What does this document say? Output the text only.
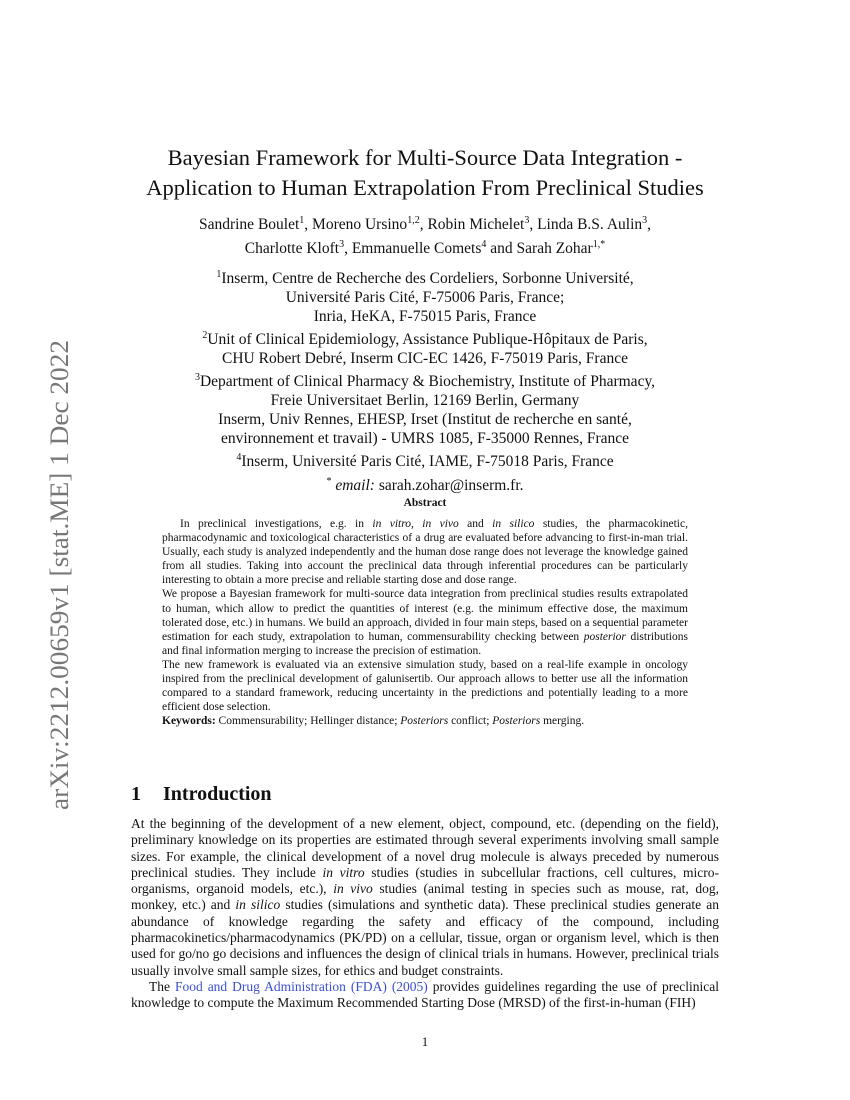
arXiv:2212.00659v1 [stat.ME] 1 Dec 2022
Bayesian Framework for Multi-Source Data Integration -
Application to Human Extrapolation From Preclinical Studies
Sandrine Boulet$^1$, Moreno Ursino$^{1,2}$, Robin Michelet$^3$, Linda B.S. Aulin$^3$,
Charlotte Kloft$^3$, Emmanuelle Comets$^4$ and Sarah Zohar$^{1,*}$
$^1$Inserm, Centre de Recherche des Cordeliers, Sorbonne Université,
Université Paris Cité, F-75006 Paris, France;
Inria, HeKA, F-75015 Paris, France
$^2$Unit of Clinical Epidemiology, Assistance Publique-Hôpitaux de Paris,
CHU Robert Debré, Inserm CIC-EC 1426, F-75019 Paris, France
$^3$Department of Clinical Pharmacy & Biochemistry, Institute of Pharmacy,
Freie Universitaet Berlin, 12169 Berlin, Germany
Inserm, Univ Rennes, EHESP, Irset (Institut de recherche en santé,
environnement et travail) - UMRS 1085, F-35000 Rennes, France
$^4$Inserm, Université Paris Cité, IAME, F-75018 Paris, France
* email: sarah.zohar@inserm.fr.
Abstract

In preclinical investigations, e.g. in in vitro, in vivo and in silico studies, the pharmacokinetic, pharmacodynamic and toxicological characteristics of a drug are evaluated before advancing to first-in-man trial. Usually, each study is analyzed independently and the human dose range does not leverage the knowledge gained from all studies. Taking into account the preclinical data through inferential procedures can be particularly interesting to obtain a more precise and reliable starting dose and dose range.

We propose a Bayesian framework for multi-source data integration from preclinical studies results extrapolated to human, which allow to predict the quantities of interest (e.g. the minimum effective dose, the maximum tolerated dose, etc.) in humans. We build an approach, divided in four main steps, based on a sequential parameter estimation for each study, extrapolation to human, commensurability checking between posterior distributions and final information merging to increase the precision of estimation.

The new framework is evaluated via an extensive simulation study, based on a real-life example in oncology inspired from the preclinical development of galunisertib. Our approach allows to better use all the information compared to a standard framework, reducing uncertainty in the predictions and potentially leading to a more efficient dose selection.

Keywords: Commensurability; Hellinger distance; Posteriors conflict; Posteriors merging.

1 Introduction

At the beginning of the development of a new element, object, compound, etc. (depending on the field), preliminary knowledge on its properties are estimated through several experiments involving small sample sizes. For example, the clinical development of a novel drug molecule is always preceded by numerous preclinical studies. They include in vitro studies (studies in subcellular fractions, cell cultures, micro-organisms, organoid models, etc.), in vivo studies (animal testing in species such as mouse, rat, dog, monkey, etc.) and in silico studies (simulations and synthetic data). These preclinical studies generate an abundance of knowledge regarding the safety and efficacy of the compound, including pharmacokinetics/pharmacodynamics (PK/PD) on a cellular, tissue, organ or organism level, which is then used for go/no go decisions and influences the design of clinical trials in humans. However, preclinical trials usually involve small sample sizes, for ethics and budget constraints.

The Food and Drug Administration (FDA) (2005) provides guidelines regarding the use of preclinical knowledge to compute the Maximum Recommended Starting Dose (MRSD) of the first-in-human (FIH)

1
